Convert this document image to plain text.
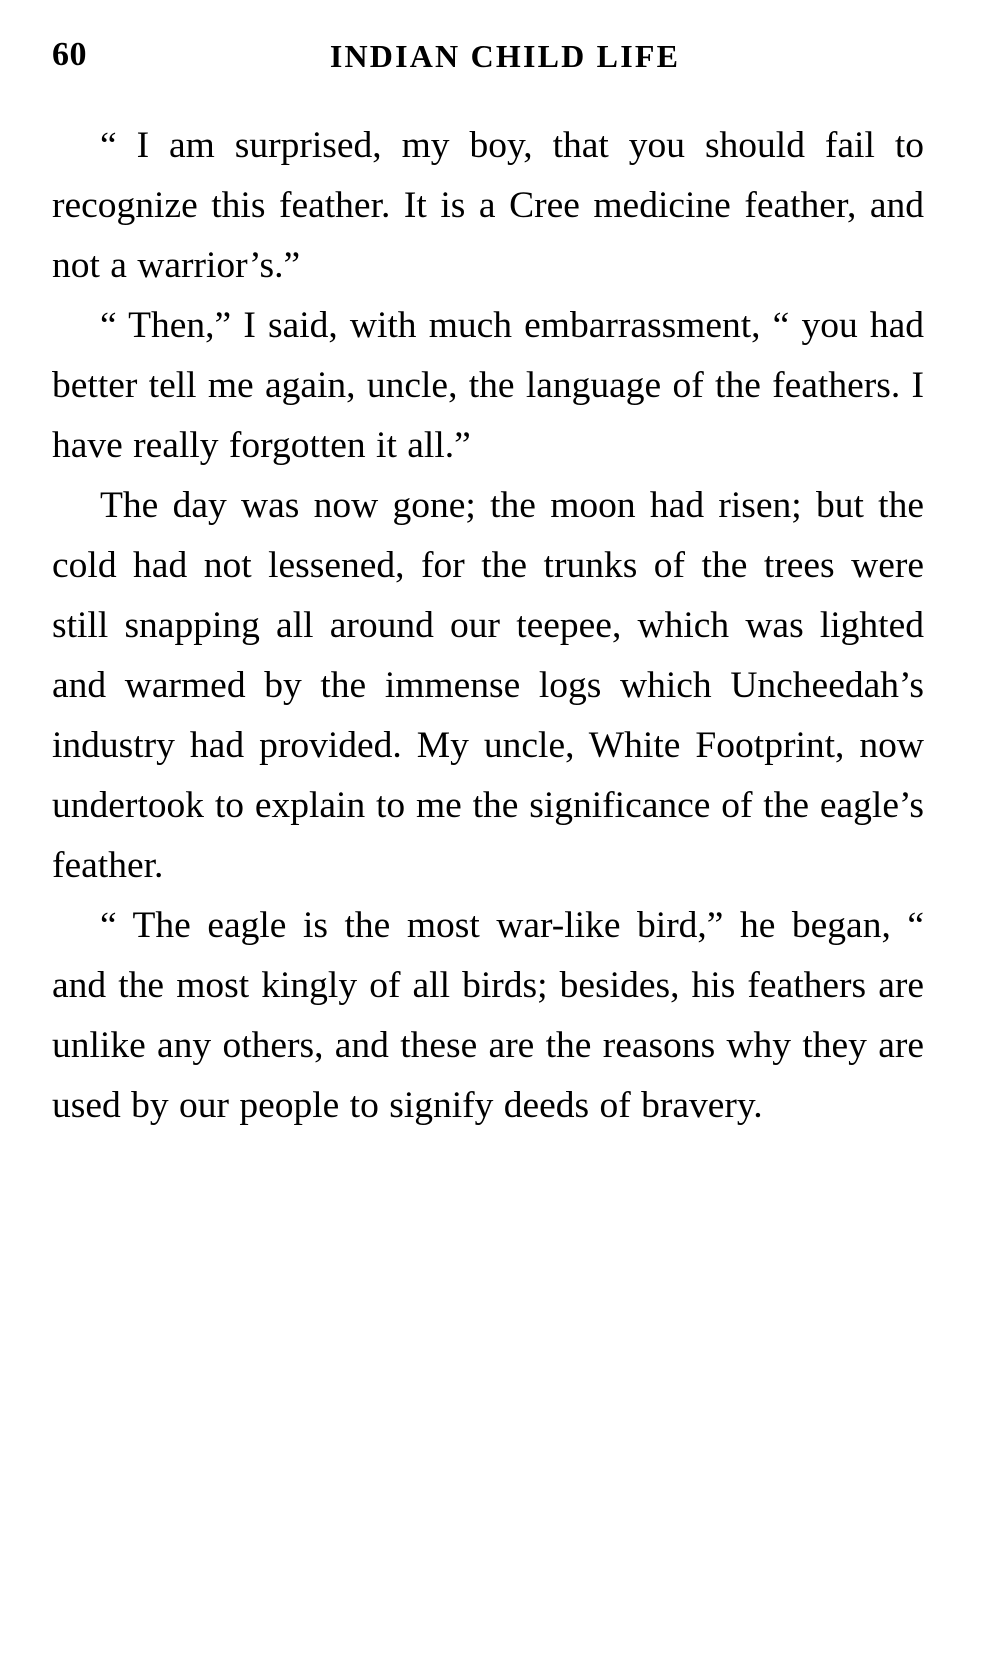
60	INDIAN CHILD LIFE

“ I am surprised, my boy, that you should fail to recognize this feather. It is a Cree medicine feather, and not a warrior’s.”

“ Then,” I said, with much embarrassment, “ you had better tell me again, uncle, the language of the feathers. I have really forgotten it all.”

The day was now gone; the moon had risen; but the cold had not lessened, for the trunks of the trees were still snapping all around our teepee, which was lighted and warmed by the immense logs which Uncheedah’s industry had provided. My uncle, White Footprint, now undertook to explain to me the significance of the eagle’s feather.

“ The eagle is the most war-like bird,” he began, “ and the most kingly of all birds; besides, his feathers are unlike any others, and these are the reasons why they are used by our people to signify deeds of bravery.
